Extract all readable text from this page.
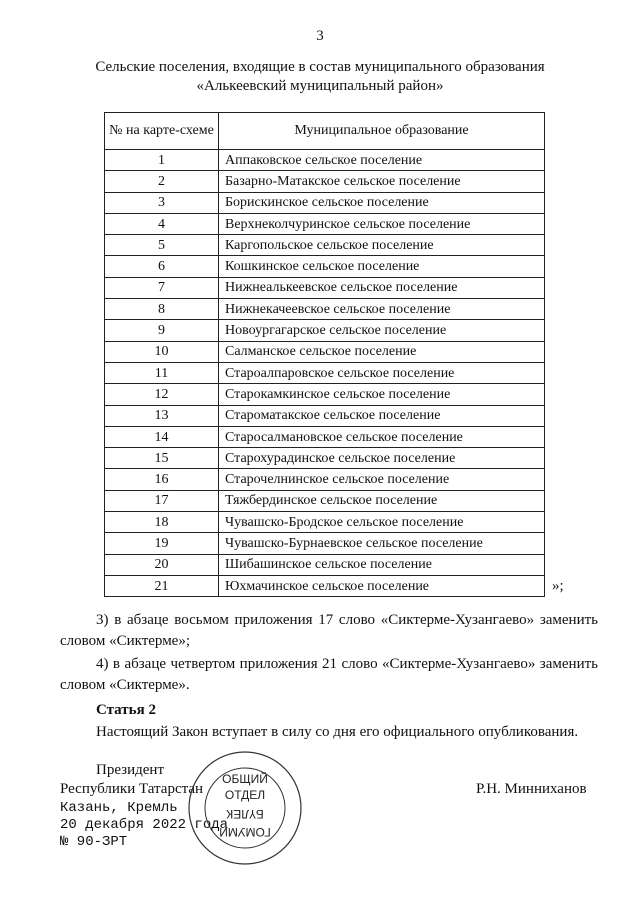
3
Сельские поселения, входящие в состав муниципального образования
«Алькеевский муниципальный район»
№ на карте-схеме	Муниципальное образование
1	Аппаковское сельское поселение
2	Базарно-Матакское сельское поселение
3	Борискинское сельское поселение
4	Верхнеколчуринское сельское поселение
5	Каргопольское сельское поселение
6	Кошкинское сельское поселение
7	Нижнеалькеевское сельское поселение
8	Нижнекачеевское сельское поселение
9	Новоургагарское сельское поселение
10	Салманское сельское поселение
11	Староалпаровское сельское поселение
12	Старокамкинское сельское поселение
13	Старoматакское сельское поселение
14	Старосалмановское сельское поселение
15	Старохурадинское сельское поселение
16	Старочелнинское сельское поселение
17	Тяжбердинское сельское поселение
18	Чувашско-Бродское сельское поселение
19	Чувашско-Бурнаевское сельское поселение
20	Шибашинское сельское поселение
21	Юхмачинское сельское поселение	»;
3) в абзаце восьмом приложения 17 слово «Сиктерме-Хузангаево» заменить словом «Сиктерме»;
4) в абзаце четвертом приложения 21 слово «Сиктерме-Хузангаево» заменить словом «Сиктерме».
Статья 2
Настоящий Закон вступает в силу со дня его официального опубликования.
Президент
Республики Татарстан	Р.Н. Минниханов
Казань, Кремль
20 декабря 2022 года
№ 90-ЗРТ
ОБЩИЙ
ОТДЕЛ
БҮЛЕК
ГОМУМИ
